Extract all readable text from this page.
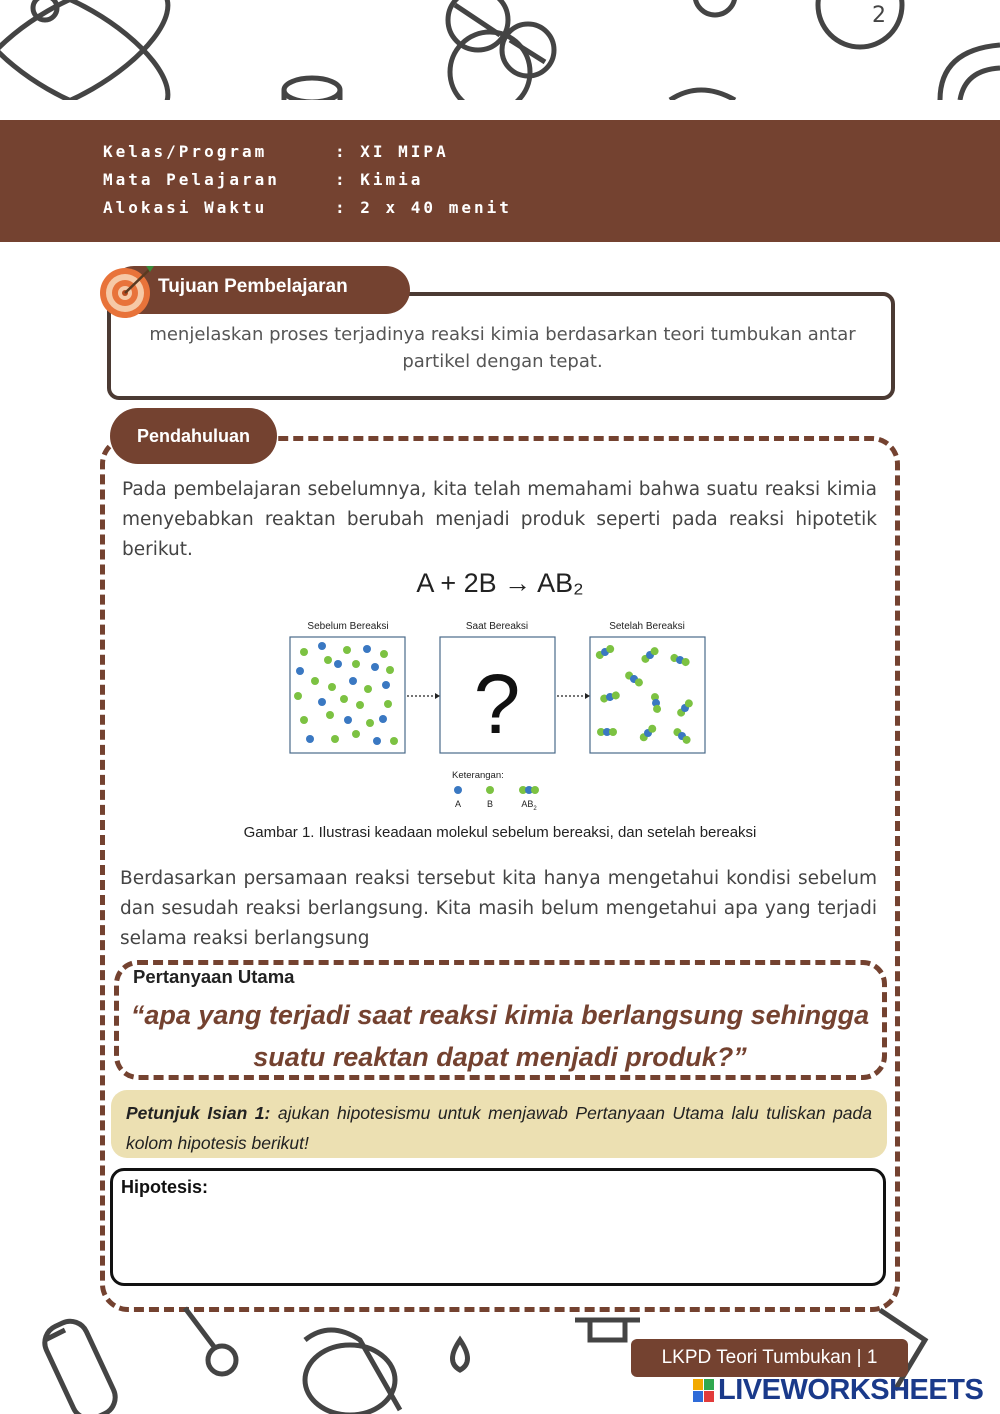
2
Kelas/Program	: XI MIPA
Mata Pelajaran	: Kimia
Alokasi Waktu	: 2 x 40 menit
Tujuan Pembelajaran
menjelaskan proses terjadinya reaksi kimia berdasarkan teori tumbukan antar partikel dengan tepat.
Pendahuluan
Pada pembelajaran sebelumnya, kita telah memahami bahwa suatu reaksi kimia menyebabkan reaktan berubah menjadi produk seperti pada reaksi hipotetik berikut.
A + 2B → AB₂
Sebelum Bereaksi	Saat Bereaksi	Setelah Bereaksi
?
Keterangan:
A	B	$AB_2$
Gambar 1. Ilustrasi keadaan molekul sebelum bereaksi, dan setelah bereaksi
Berdasarkan persamaan reaksi tersebut kita hanya mengetahui kondisi sebelum dan sesudah reaksi berlangsung. Kita masih belum mengetahui apa yang terjadi selama reaksi berlangsung
Pertanyaan Utama
“apa yang terjadi saat reaksi kimia berlangsung sehingga suatu reaktan dapat menjadi produk?”
Petunjuk Isian 1: ajukan hipotesismu untuk menjawab Pertanyaan Utama lalu tuliskan pada kolom hipotesis berikut!
Hipotesis:
LKPD Teori Tumbukan | 1
LIVEWORKSHEETS
